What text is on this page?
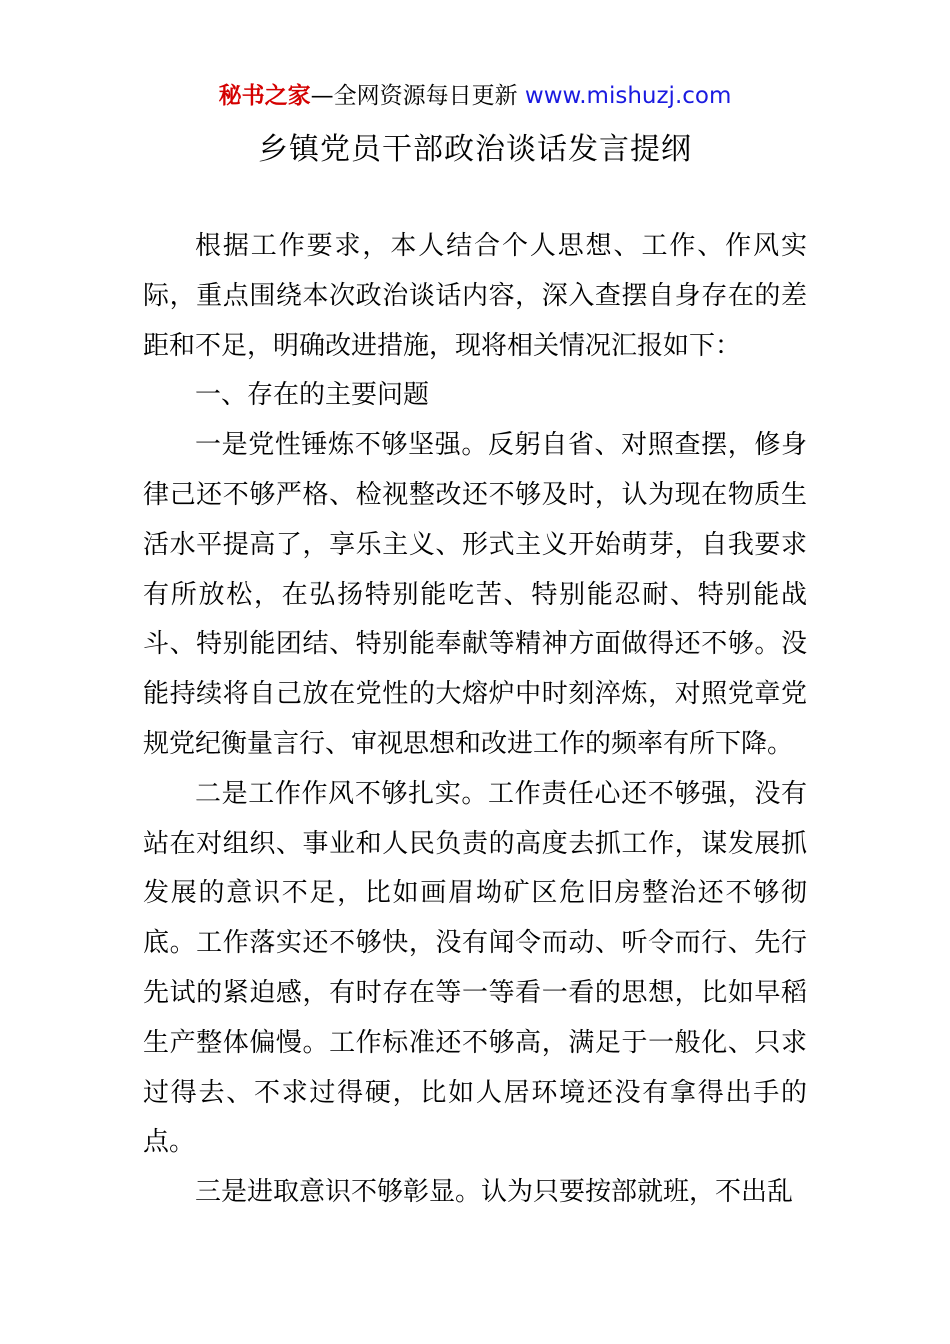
秘书之家—全网资源每日更新 www.mishuzj.com
乡镇党员干部政治谈话发言提纲

根据工作要求，本人结合个人思想、工作、作风实际，重点围绕本次政治谈话内容，深入查摆自身存在的差距和不足，明确改进措施，现将相关情况汇报如下：

一、存在的主要问题

一是党性锤炼不够坚强。反躬自省、对照查摆，修身律己还不够严格、检视整改还不够及时，认为现在物质生活水平提高了，享乐主义、形式主义开始萌芽，自我要求有所放松，在弘扬特别能吃苦、特别能忍耐、特别能战斗、特别能团结、特别能奉献等精神方面做得还不够。没能持续将自己放在党性的大熔炉中时刻淬炼，对照党章党规党纪衡量言行、审视思想和改进工作的频率有所下降。

二是工作作风不够扎实。工作责任心还不够强，没有站在对组织、事业和人民负责的高度去抓工作，谋发展抓发展的意识不足，比如画眉坳矿区危旧房整治还不够彻底。工作落实还不够快，没有闻令而动、听令而行、先行先试的紧迫感，有时存在等一等看一看的思想，比如早稻生产整体偏慢。工作标准还不够高，满足于一般化、只求过得去、不求过得硬，比如人居环境还没有拿得出手的点。

三是进取意识不够彰显。认为只要按部就班，不出乱
